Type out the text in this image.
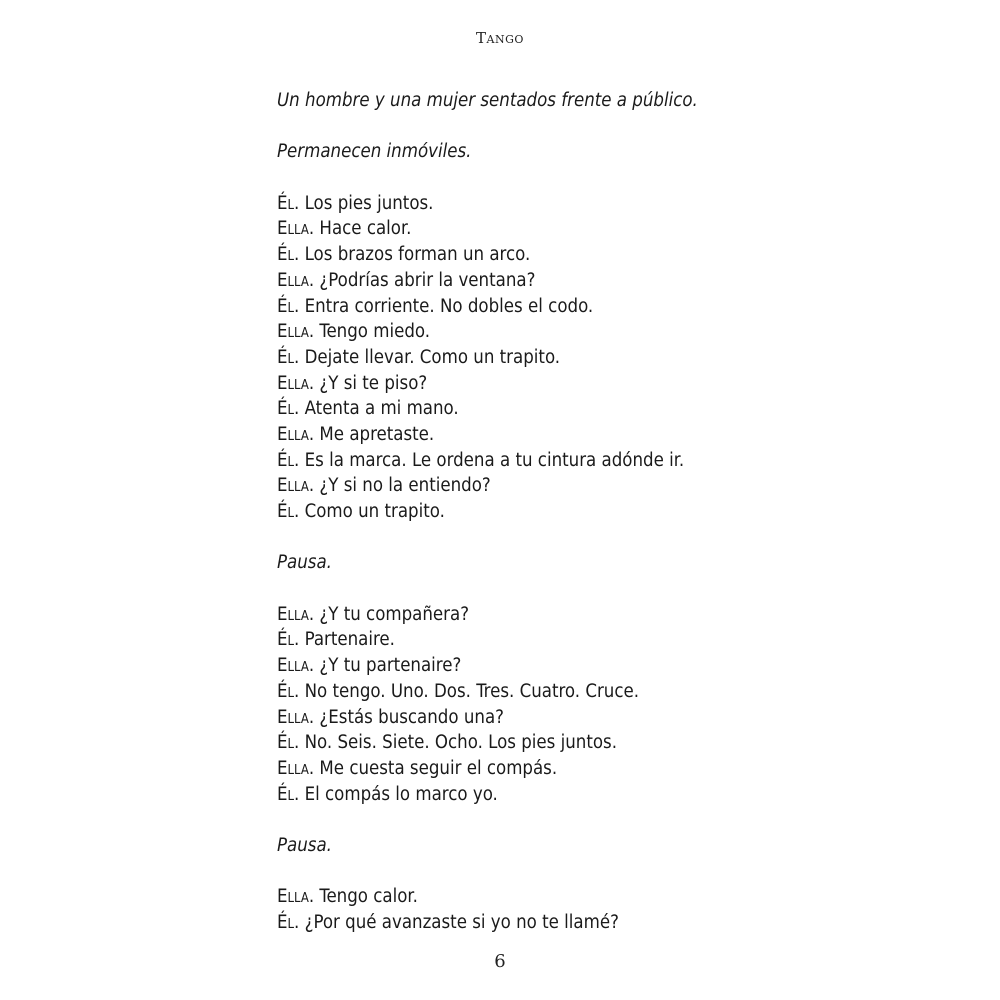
Tango
Un hombre y una mujer sentados frente a público.
Permanecen inmóviles.
Él. Los pies juntos.
Ella. Hace calor.
Él. Los brazos forman un arco.
Ella. ¿Podrías abrir la ventana?
Él. Entra corriente. No dobles el codo.
Ella. Tengo miedo.
Él. Dejate llevar. Como un trapito.
Ella. ¿Y si te piso?
Él. Atenta a mi mano.
Ella. Me apretaste.
Él. Es la marca. Le ordena a tu cintura adónde ir.
Ella. ¿Y si no la entiendo?
Él. Como un trapito.
Pausa.
Ella. ¿Y tu compañera?
Él. Partenaire.
Ella. ¿Y tu partenaire?
Él. No tengo. Uno. Dos. Tres. Cuatro. Cruce.
Ella. ¿Estás buscando una?
Él. No. Seis. Siete. Ocho. Los pies juntos.
Ella. Me cuesta seguir el compás.
Él. El compás lo marco yo.
Pausa.
Ella. Tengo calor.
Él. ¿Por qué avanzaste si yo no te llamé?
6
